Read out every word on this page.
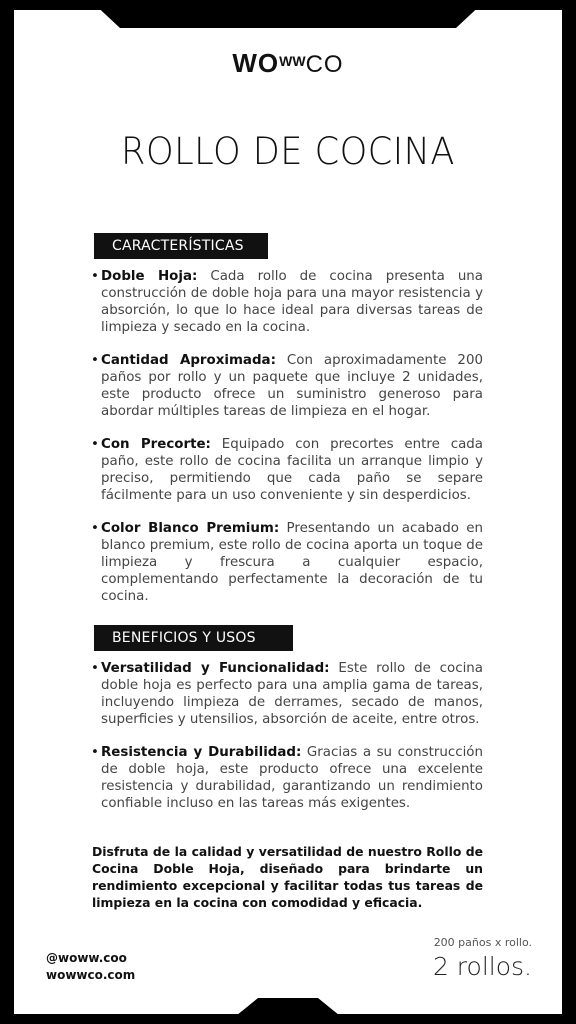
$WO^{WW}CO$
ROLLO DE COCINA
CARACTERÍSTICAS
• Doble Hoja: Cada rollo de cocina presenta una construcción de doble hoja para una mayor resistencia y absorción, lo que lo hace ideal para diversas tareas de limpieza y secado en la cocina.
• Cantidad Aproximada: Con aproximadamente 200 paños por rollo y un paquete que incluye 2 unidades, este producto ofrece un suministro generoso para abordar múltiples tareas de limpieza en el hogar.
• Con Precorte: Equipado con precortes entre cada paño, este rollo de cocina facilita un arranque limpio y preciso, permitiendo que cada paño se separe fácilmente para un uso conveniente y sin desperdicios.
• Color Blanco Premium: Presentando un acabado en blanco premium, este rollo de cocina aporta un toque de limpieza y frescura a cualquier espacio, complementando perfectamente la decoración de tu cocina.
BENEFICIOS Y USOS
• Versatilidad y Funcionalidad: Este rollo de cocina doble hoja es perfecto para una amplia gama de tareas, incluyendo limpieza de derrames, secado de manos, superficies y utensilios, absorción de aceite, entre otros.
• Resistencia y Durabilidad: Gracias a su construcción de doble hoja, este producto ofrece una excelente resistencia y durabilidad, garantizando un rendimiento confiable incluso en las tareas más exigentes.
Disfruta de la calidad y versatilidad de nuestro Rollo de Cocina Doble Hoja, diseñado para brindarte un rendimiento excepcional y facilitar todas tus tareas de limpieza en la cocina con comodidad y eficacia.
@woww.coo
wowwco.com
200 paños x rollo.
2 rollos.
